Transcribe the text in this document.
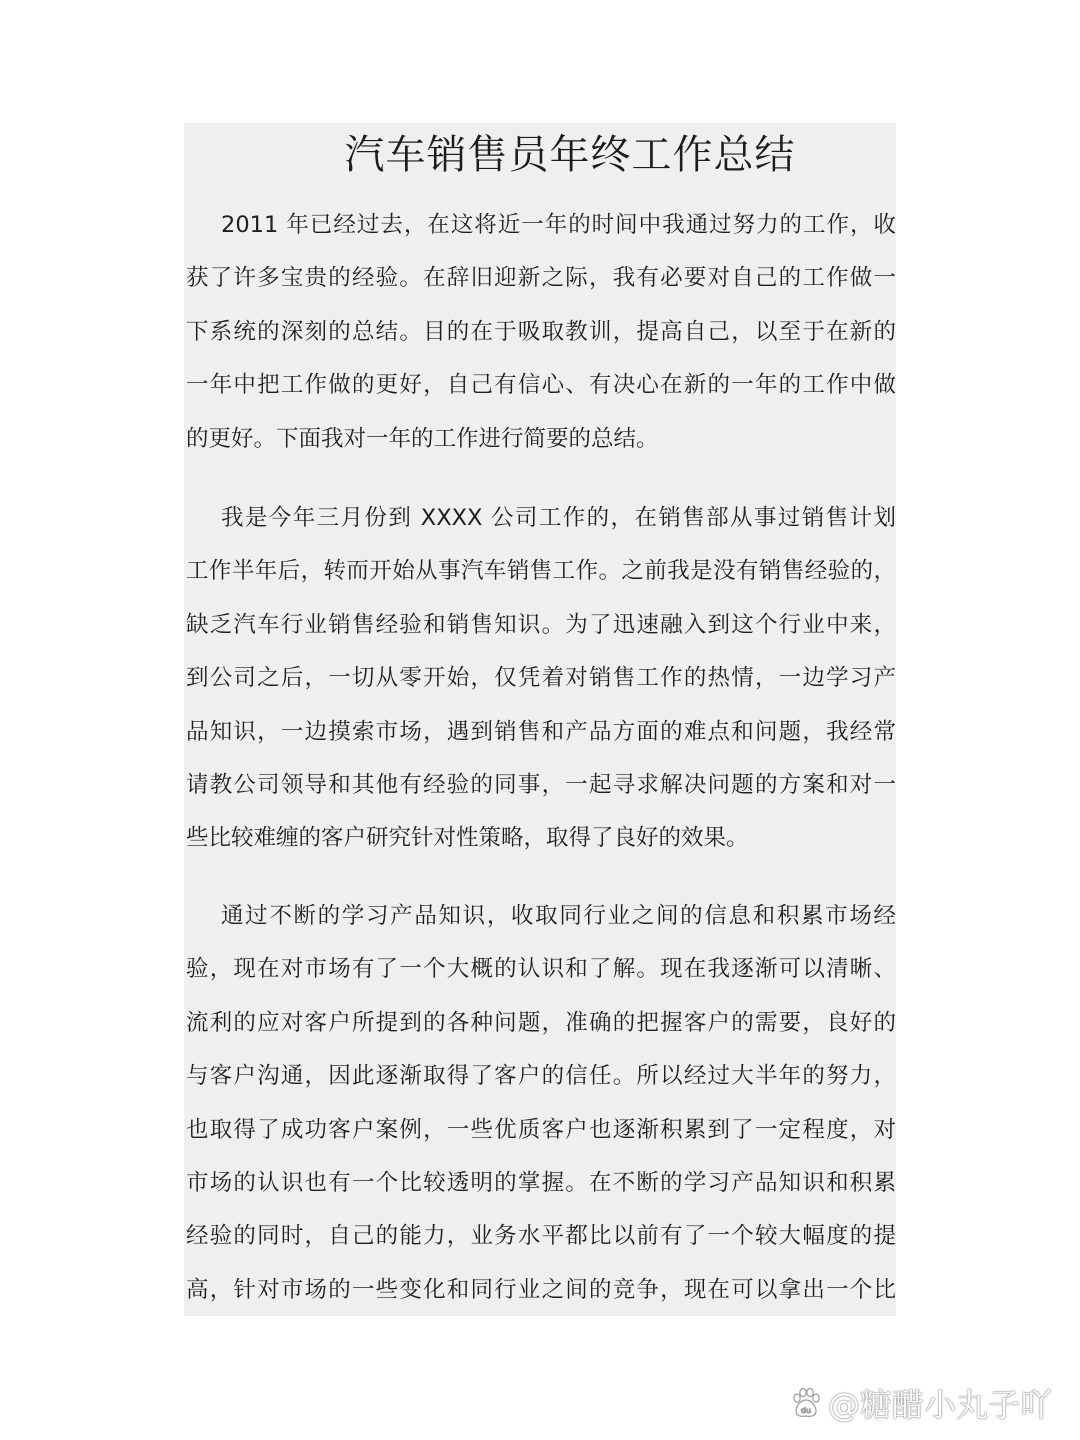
汽车销售员年终工作总结
2011 年已经过去，在这将近一年的时间中我通过努力的工作，收
获了许多宝贵的经验。在辞旧迎新之际，我有必要对自己的工作做一
下系统的深刻的总结。目的在于吸取教训，提高自己，以至于在新的
一年中把工作做的更好，自己有信心、有决心在新的一年的工作中做
的更好。下面我对一年的工作进行简要的总结。
我是今年三月份到 XXXX 公司工作的，在销售部从事过销售计划
工作半年后，转而开始从事汽车销售工作。之前我是没有销售经验的，
缺乏汽车行业销售经验和销售知识。为了迅速融入到这个行业中来，
到公司之后，一切从零开始，仅凭着对销售工作的热情，一边学习产
品知识，一边摸索市场，遇到销售和产品方面的难点和问题，我经常
请教公司领导和其他有经验的同事，一起寻求解决问题的方案和对一
些比较难缠的客户研究针对性策略，取得了良好的效果。
通过不断的学习产品知识，收取同行业之间的信息和积累市场经
验，现在对市场有了一个大概的认识和了解。现在我逐渐可以清晰、
流利的应对客户所提到的各种问题，准确的把握客户的需要，良好的
与客户沟通，因此逐渐取得了客户的信任。所以经过大半年的努力，
也取得了成功客户案例，一些优质客户也逐渐积累到了一定程度，对
市场的认识也有一个比较透明的掌握。在不断的学习产品知识和积累
经验的同时，自己的能力，业务水平都比以前有了一个较大幅度的提
高，针对市场的一些变化和同行业之间的竞争，现在可以拿出一个比
du @糖醋小丸子吖
